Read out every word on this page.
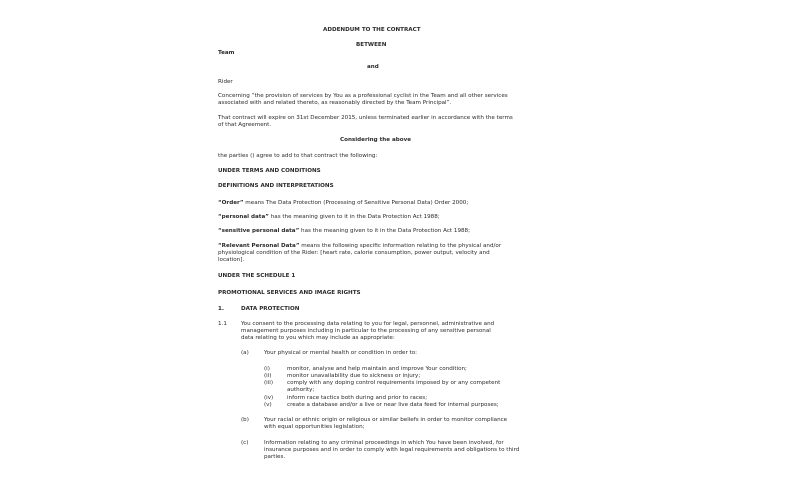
ADDENDUM TO THE CONTRACT
BETWEEN
Team
and
Rider
Concerning “the provision of services by You as a professional cyclist in the Team and all other services
associated with and related thereto, as reasonably directed by the Team Principal”.
That contract will expire on 31st December 2015, unless terminated earlier in accordance with the terms
of that Agreement.
Considering the above
the parties () agree to add to that contract the following:
UNDER TERMS AND CONDITIONS
DEFINITIONS AND INTERPRETATIONS
“Order” means The Data Protection (Processing of Sensitive Personal Data) Order 2000;
“personal data” has the meaning given to it in the Data Protection Act 1988;
“sensitive personal data” has the meaning given to it in the Data Protection Act 1988;
“Relevant Personal Data” means the following specific information relating to the physical and/or
physiological condition of the Rider: [heart rate, calorie consumption, power output, velocity and
location].
UNDER THE SCHEDULE 1
PROMOTIONAL SERVICES AND IMAGE RIGHTS
1.	DATA PROTECTION
1.1	You consent to the processing data relating to you for legal, personnel, administrative and
management purposes including in particular to the processing of any sensitive personal
data relating to you which may include as appropriate:
(a)	Your physical or mental health or condition in order to:
(i)	monitor, analyse and help maintain and improve Your condition;
(ii)	monitor unavailability due to sickness or injury;
(iii) comply with any doping control requirements imposed by or any competent
authority;
(iv) inform race tactics both during and prior to races;
(v)	create a database and/or a live or near live data feed for internal purposes;
(b)	Your racial or ethnic origin or religious or similar beliefs in order to monitor compliance
with equal opportunities legislation;
(c)	Information relating to any criminal proceedings in which You have been involved, for
insurance purposes and in order to comply with legal requirements and obligations to third
parties.
